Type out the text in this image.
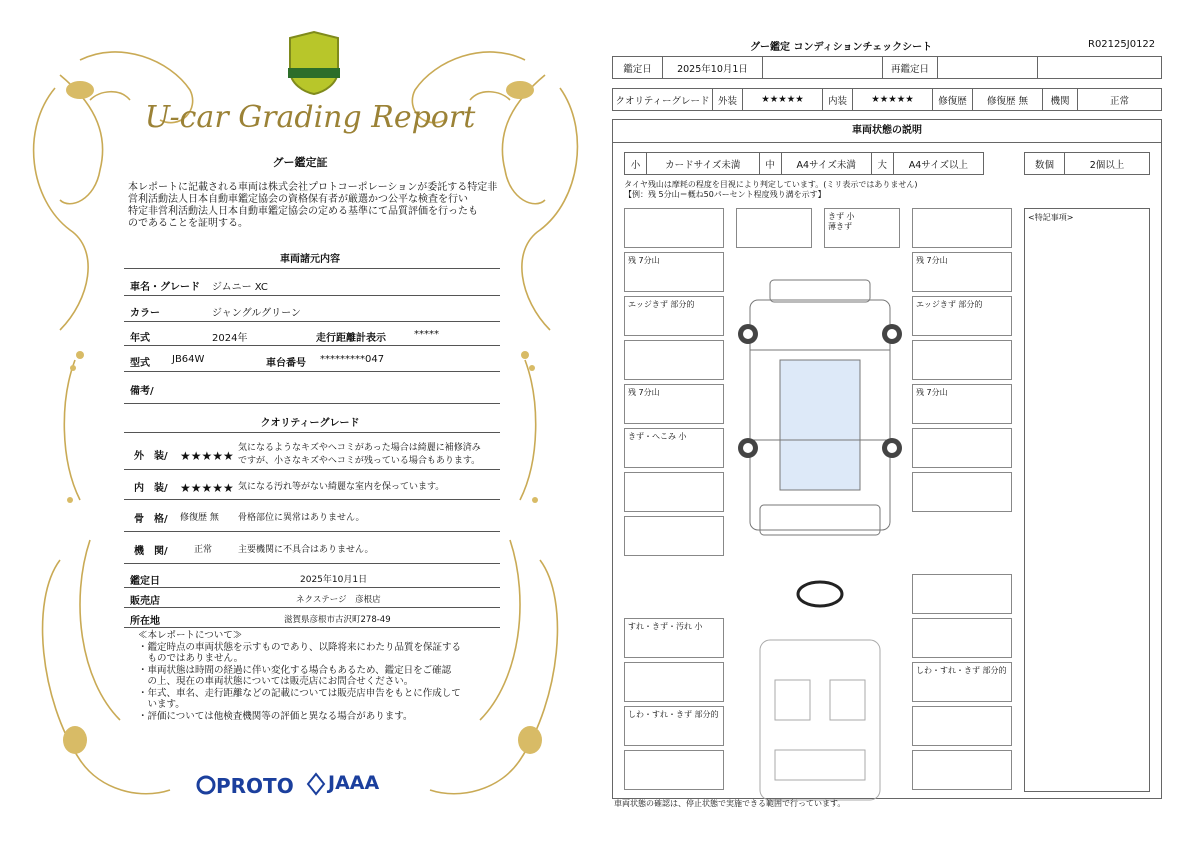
U-car Grading Report
グー鑑定証
本レポートに記載される車両は株式会社プロトコーポレーションが委託する特定非
営利活動法人日本自動車鑑定協会の資格保有者が厳選かつ公平な検査を行い
特定非営利活動法人日本自動車鑑定協会の定める基準にて品質評価を行ったも
のであることを証明する。
車両諸元内容
車名・グレード ジムニー XC
カラー	ジャングルグリーン
年式	2024年	走行距離計表示	*****
型式 JB64W	車台番号 *********047
備考/
クオリティーグレード
外　装/ ★★★★★
気になるようなキズやヘコミがあった場合は綺麗に補修済み
ですが、小さなキズやヘコミが残っている場合もあります。
内　装/ ★★★★★ 気になる汚れ等がない綺麗な室内を保っています。
骨　格/ 修復歴 無 骨格部位に異常はありません。
機　関/	正常	主要機関に不具合はありません。
鑑定日	2025年10月1日
販売店	ネクステージ　彦根店
所在地	滋賀県彦根市古沢町278-49
≪本レポートについて≫
・鑑定時点の車両状態を示すものであり、以降将来にわたり品質を保証する
　ものではありません。
・車両状態は時間の経過に伴い変化する場合もあるため、鑑定日をご確認
　の上、現在の車両状態については販売店にお問合せください。
・年式、車名、走行距離などの記載については販売店申告をもとに作成して
　います。
・評価については他検査機関等の評価と異なる場合があります。
PROTO JAAA
グー鑑定 コンディションチェックシート	R02125J0122
鑑定日	2025年10月1日		再鑑定日		
クオリティーグレード	外装	★★★★★	内装	★★★★★	修復歴	修復歴 無	機関	正常
車両状態の説明
小	カードサイズ未満	中	A4サイズ未満	大	A4サイズ以上	数個	2個以上
タイヤ残山は摩耗の程度を目視により判定しています。(ミリ表示ではありません)
【例：残 5分山＝概ね50パーセント程度残り溝を示す】
残 7分山
エッジきず 部分的
残 7分山
きず・へこみ 小
すれ・きず・汚れ 小
しわ・すれ・きず 部分的
きず 小
薄きず
残 7分山
エッジきず 部分的
残 7分山
しわ・すれ・きず 部分的
<特記事項>
車両状態の確認は、停止状態で実施できる範囲で行っています。
